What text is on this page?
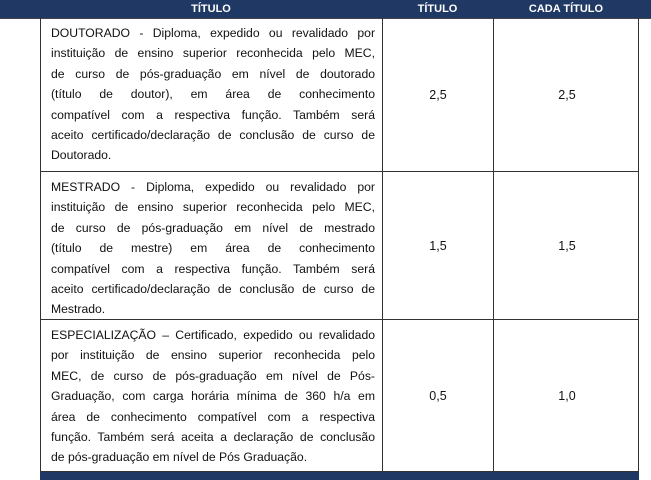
TÍTULO	TÍTULO	CADA TÍTULO
DOUTORADO - Diploma, expedido ou revalidado por
instituição de ensino superior reconhecida pelo MEC,
de curso de pós-graduação em nível de doutorado
(título de doutor), em área de conhecimento
compatível com a respectiva função. Também será
aceito certificado/declaração de conclusão de curso de
Doutorado.
2,5	2,5
MESTRADO - Diploma, expedido ou revalidado por
instituição de ensino superior reconhecida pelo MEC,
de curso de pós-graduação em nível de mestrado
(título de mestre) em área de conhecimento
compatível com a respectiva função. Também será
aceito certificado/declaração de conclusão de curso de
Mestrado.
1,5	1,5
ESPECIALIZAÇÃO – Certificado, expedido ou revalidado
por instituição de ensino superior reconhecida pelo
MEC, de curso de pós-graduação em nível de Pós-
Graduação, com carga horária mínima de 360 h/a em
área de conhecimento compatível com a respectiva
função. Também será aceita a declaração de conclusão
de pós-graduação em nível de Pós Graduação.
0,5	1,0
